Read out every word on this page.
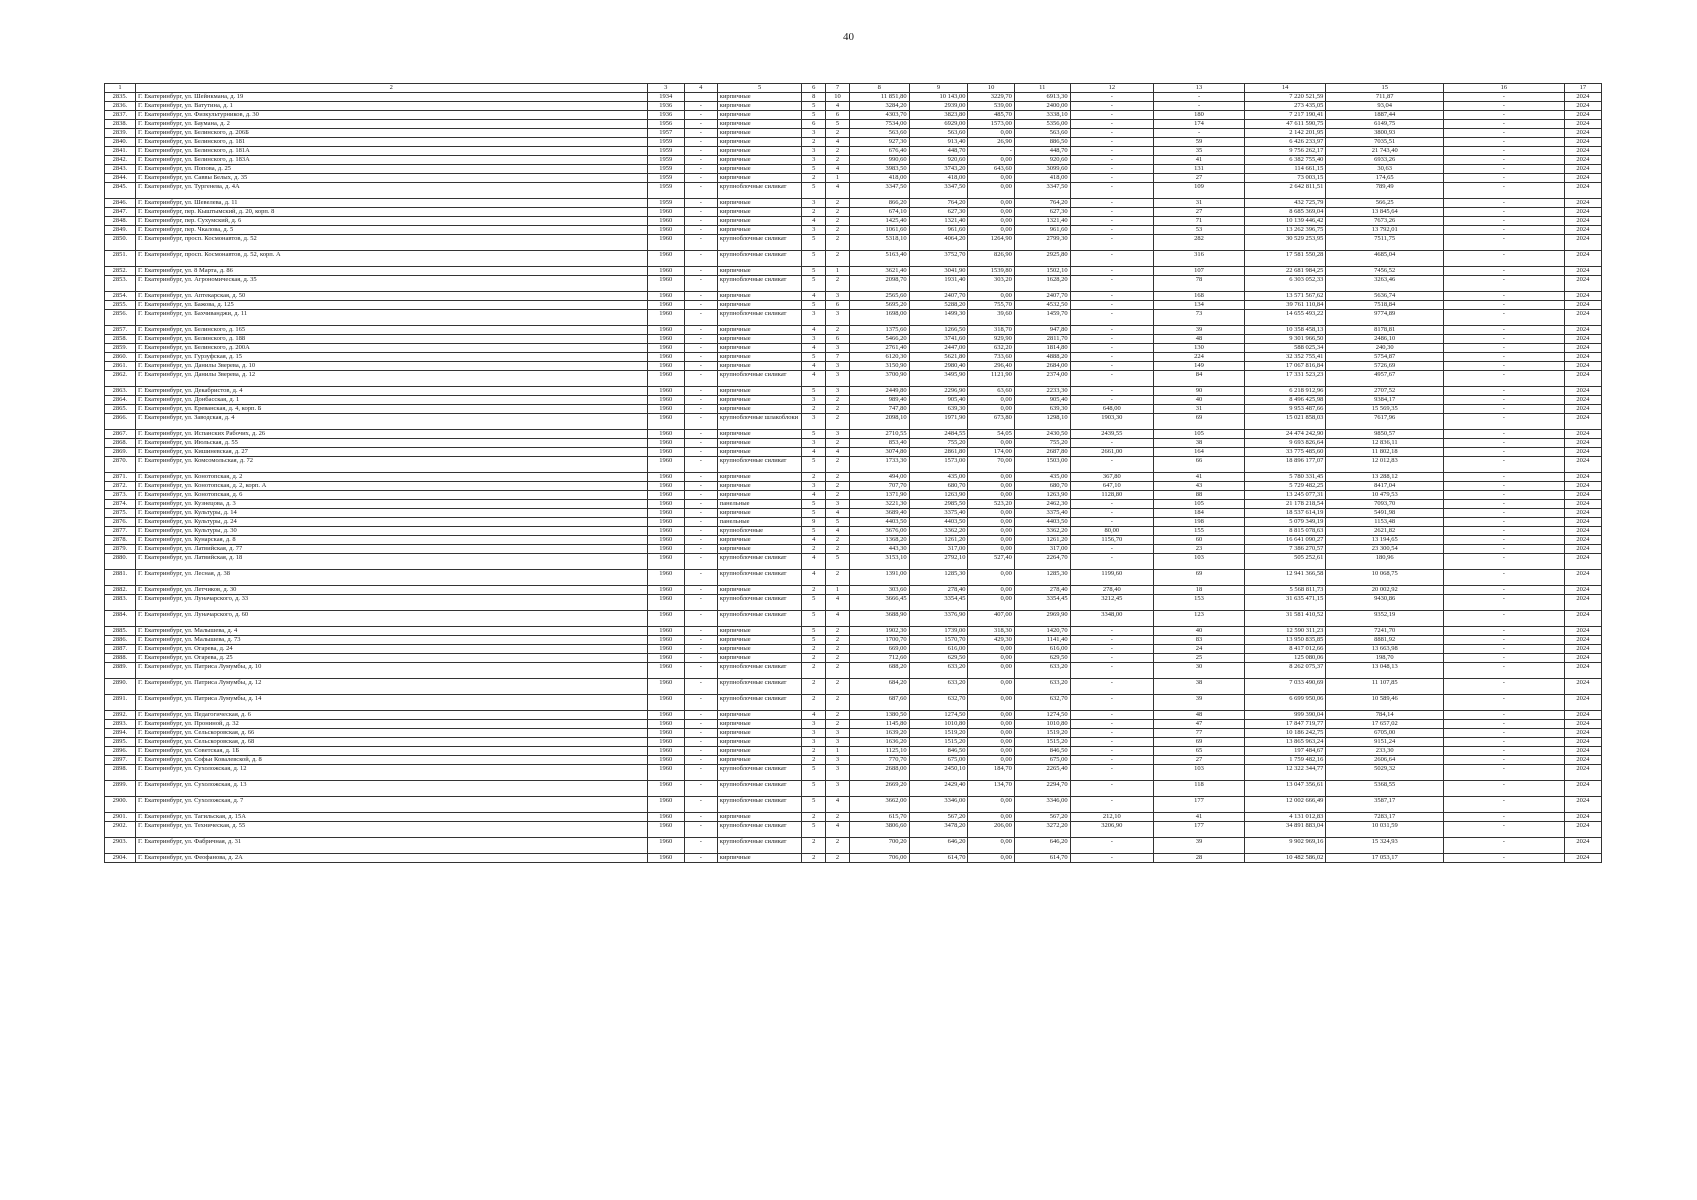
40
1	2	3	4	5	6	7	8	9	10	11	12	13	14	15	16	17
2835.	Г. Екатеринбург, ул. Шейнкмана, д. 19	1934		кирпичные	8	10	11 851,80	10 143,00	3229,70	6913,30	-	-	7 220 521,59	711,87	-	2024
2836.	Г. Екатеринбург, ул. Ватутина, д. 1	1936	-	кирпичные	5	4	3284,20	2939,00	539,00	2400,00	-	-	273 435,05	93,04	-	2024
2837.	Г. Екатеринбург, ул. Физкультурников, д. 30	1936	-	кирпичные	5	6	4303,70	3823,80	485,70	3338,10	-	180	7 217 190,41	1887,44	-	2024
2838.	Г. Екатеринбург, ул. Баумана, д. 2	1956	-	кирпичные	6	5	7534,00	6929,00	1573,00	5356,00	-	174	47 611 590,75	6149,75	-	2024
2839.	Г. Екатеринбург, ул. Белинского, д. 206Б	1957	-	кирпичные	3	2	563,60	563,60	0,00	563,60	-	-	2 142 201,95	3800,93	-	2024
2840.	Г. Екатеринбург, ул. Белинского, д. 181	1959	-	кирпичные	2	4	927,30	913,40	26,90	886,50	-	59	6 426 233,97	7035,51	-	2024
2841.	Г. Екатеринбург, ул. Белинского, д. 181А	1959	-	кирпичные	3	2	676,40	448,70	-	448,70	-	35	9 756 262,17	21 743,40	-	2024
2842.	Г. Екатеринбург, ул. Белинского, д. 183А	1959	-	кирпичные	3	2	990,60	920,60	0,00	920,60	-	41	6 382 755,40	6933,26	-	2024
2843.	Г. Екатеринбург, ул. Попова, д. 25	1959	-	кирпичные	5	4	3983,50	3743,20	643,60	3099,60	-	131	114 661,15	30,63	-	2024
2844.	Г. Екатеринбург, ул. Саввы Белых, д. 35	1959	-	кирпичные	2	1	418,00	418,00	0,00	418,00	-	27	73 003,15	174,65	-	2024
2845.	Г. Екатеринбург, ул. Тургенева, д. 4А	1959	-	крупноблочные силикат	5	4	3347,50	3347,50	0,00	3347,50	-	109	2 642 811,51	789,49	-	2024
2846.	Г. Екатеринбург, ул. Шевелева, д. 11	1959	-	кирпичные	3	2	866,20	764,20	0,00	764,20	-	31	432 725,79	566,25	-	2024
2847.	Г. Екатеринбург, пер. Кыштымский, д. 20, корп. 8	1960	-	кирпичные	2	2	674,10	627,30	0,00	627,30	-	27	8 685 369,04	13 845,64	-	2024
2848.	Г. Екатеринбург, пер. Сухумский, д. 6	1960	-	кирпичные	4	2	1425,40	1321,40	0,00	1321,40	-	71	10 139 446,42	7673,26	-	2024
2849.	Г. Екатеринбург, пер. Чкаловa, д. 5	1960	-	кирпичные	3	2	1061,60	961,60	0,00	961,60	-	53	13 262 396,75	13 792,01	-	2024
2850.	Г. Екатеринбург, просп. Космонавтов, д. 52	1960	-	крупноблочные силикат	5	2	5318,10	4064,20	1264,90	2799,30	-	282	30 529 253,95	7511,75	-	2024
2851.	Г. Екатеринбург, просп. Космонавтов, д. 52, корп. А	1960	-	крупноблочные силикат	5	2	5163,40	3752,70	826,90	2925,80	-	316	17 581 550,28	4685,04	-	2024
2852.	Г. Екатеринбург, ул. 8 Марта, д. 86	1960	-	кирпичные	5	1	3621,40	3041,90	1539,80	1502,10	-	107	22 681 984,25	7456,52	-	2024
2853.	Г. Екатеринбург, ул. Агрономическая, д. 35	1960	-	крупноблочные силикат	5	2	2098,70	1931,40	303,20	1628,20	-	78	6 303 052,33	3263,46	-	2024
2854.	Г. Екатеринбург, ул. Аптекарская, д. 50	1960	-	кирпичные	4	3	2565,60	2407,70	0,00	2407,70	-	168	13 571 567,62	5636,74	-	2024
2855.	Г. Екатеринбург, ул. Бажова, д. 125	1960	-	кирпичные	5	6	5695,20	5288,20	755,70	4532,50	-	134	39 761 110,84	7518,84	-	2024
2856.	Г. Екатеринбург, ул. Бахчиванджи, д. 11	1960	-	крупноблочные силикат	3	3	1698,00	1499,30	39,60	1459,70	-	73	14 655 493,22	9774,89	-	2024
2857.	Г. Екатеринбург, ул. Белинского, д. 165	1960	-	кирпичные	4	2	1375,60	1266,50	318,70	947,80	-	39	10 358 458,13	8178,81	-	2024
2858.	Г. Екатеринбург, ул. Белинского, д. 188	1960	-	кирпичные	3	6	5466,20	3741,60	929,90	2811,70	-	48	9 301 966,50	2486,10	-	2024
2859.	Г. Екатеринбург, ул. Белинского, д. 200А	1960	-	кирпичные	4	3	2761,40	2447,00	632,20	1814,80	-	130	588 025,34	240,30	-	2024
2860.	Г. Екатеринбург, ул. Гурзуфская, д. 15	1960	-	кирпичные	5	7	6120,30	5621,80	733,60	4888,20	-	224	32 352 755,41	5754,87	-	2024
2861.	Г. Екатеринбург, ул. Данилы Зверева, д. 10	1960	-	кирпичные	4	3	3150,90	2980,40	296,40	2684,00	-	149	17 067 816,84	5726,69	-	2024
2862.	Г. Екатеринбург, ул. Данилы Зверева, д. 12	1960	-	крупноблочные силикат	4	3	3700,90	3495,90	1121,90	2374,00	-	84	17 331 523,23	4957,67	-	2024
2863.	Г. Екатеринбург, ул. Декабристов, д. 4	1960	-	кирпичные	5	3	2449,80	2296,90	63,60	2233,30	-	90	6 218 912,96	2707,52	-	2024
2864.	Г. Екатеринбург, ул. Донбасская, д. 1	1960	-	кирпичные	3	2	989,40	905,40	0,00	905,40	-	40	8 496 425,98	9384,17	-	2024
2865.	Г. Екатеринбург, ул. Ереванская, д. 4, корп. Б	1960	-	кирпичные	2	2	747,80	639,30	0,00	639,30	648,00	31	9 953 487,66	15 569,35	-	2024
2866.	Г. Екатеринбург, ул. Заводская, д. 4	1960	-	крупноблочные шлакоблоки	3	2	2098,10	1971,90	673,80	1298,10	1903,30	69	15 021 858,03	7617,96	-	2024
2867.	Г. Екатеринбург, ул. Испанских Рабочих, д. 26	1960	-	кирпичные	5	3	2710,55	2484,55	54,05	2430,50	2439,55	105	24 474 242,90	9850,57	-	2024
2868.	Г. Екатеринбург, ул. Июльская, д. 55	1960	-	кирпичные	3	2	853,40	755,20	0,00	755,20	-	38	9 693 826,64	12 836,11	-	2024
2869.	Г. Екатеринбург, ул. Кишиневская, д. 27	1960	-	кирпичные	4	4	3074,80	2861,80	174,00	2687,80	2661,00	164	33 775 485,60	11 802,18	-	2024
2870.	Г. Екатеринбург, ул. Комсомольская, д. 72	1960	-	крупноблочные силикат	5	2	1733,30	1573,00	70,00	1503,00	-	66	18 896 177,07	12 012,83	-	2024
2871.	Г. Екатеринбург, ул. Конотопская, д. 2	1960	-	кирпичные	2	2	494,00	435,00	0,00	435,00	367,80	41	5 780 331,45	13 288,12	-	2024
2872.	Г. Екатеринбург, ул. Конотопская, д. 2, корп. А	1960	-	кирпичные	3	2	707,70	680,70	0,00	680,70	647,10	43	5 729 482,25	8417,04	-	2024
2873.	Г. Екатеринбург, ул. Конотопская, д. 6	1960	-	кирпичные	4	2	1371,90	1263,90	0,00	1263,90	1128,80	88	13 245 077,31	10 479,53	-	2024
2874.	Г. Екатеринбург, ул. Кузнецова, д. 3	1960	-	панельные	5	3	3221,30	2985,50	523,20	2462,30	-	105	21 178 218,54	7093,70	-	2024
2875.	Г. Екатеринбург, ул. Культуры, д. 14	1960	-	кирпичные	5	4	3689,40	3375,40	0,00	3375,40	-	184	18 537 614,19	5491,98	-	2024
2876.	Г. Екатеринбург, ул. Культуры, д. 24	1960	-	панельные	9	5	4403,50	4403,50	0,00	4403,50	-	198	5 079 349,19	1153,48	-	2024
2877.	Г. Екатеринбург, ул. Культуры, д. 30	1960	-	крупноблочные	5	4	3676,00	3362,20	0,00	3362,20	80,00	155	8 815 078,63	2621,82	-	2024
2878.	Г. Екатеринбург, ул. Кунарская, д. 8	1960	-	кирпичные	4	2	1368,20	1261,20	0,00	1261,20	1156,70	60	16 641 090,27	13 194,65	-	2024
2879.	Г. Екатеринбург, ул. Латвийская, д. 77	1960	-	кирпичные	2	2	443,30	317,00	0,00	317,00	-	23	7 386 270,57	23 300,54	-	2024
2880.	Г. Екатеринбург, ул. Латвийская, д. 18	1960	-	крупноблочные силикат	4	5	3153,10	2792,10	527,40	2264,70	-	103	505 252,61	180,96	-	2024
2881.	Г. Екатеринбург, ул. Лесная, д. 38	1960	-	крупноблочные силикат	4	2	1391,00	1285,30	0,00	1285,30	1199,60	69	12 941 366,58	10 068,75	-	2024
2882.	Г. Екатеринбург, ул. Летчиков, д. 30	1960	-	кирпичные	2	1	303,60	278,40	0,00	278,40	278,40	18	5 568 811,73	20 002,92	-	2024
2883.	Г. Екатеринбург, ул. Луначарского, д. 33	1960	-	крупноблочные силикат	5	4	3666,45	3354,45	0,00	3354,45	3212,45	153	31 635 471,15	9430,86	-	2024
2884.	Г. Екатеринбург, ул. Луначарского, д. 60	1960	-	крупноблочные силикат	5	4	3688,90	3376,90	407,00	2969,90	3348,00	123	31 581 410,52	9352,19	-	2024
2885.	Г. Екатеринбург, ул. Малышева, д. 4	1960	-	кирпичные	5	2	1902,30	1739,00	318,30	1420,70	-	40	12 590 311,23	7241,70	-	2024
2886.	Г. Екатеринбург, ул. Малышева, д. 73	1960	-	кирпичные	5	2	1700,70	1570,70	429,30	1141,40	-	83	13 950 835,85	8881,92	-	2024
2887.	Г. Екатеринбург, ул. Огарева, д. 24	1960	-	кирпичные	2	2	669,00	616,00	0,00	616,00	-	24	8 417 012,66	13 663,98	-	2024
2888.	Г. Екатеринбург, ул. Огарева, д. 25	1960	-	кирпичные	2	2	712,60	629,50	0,00	629,50	-	25	125 080,06	198,70	-	2024
2889.	Г. Екатеринбург, ул. Патриса Лумумбы, д. 10	1960	-	крупноблочные силикат	2	2	688,20	633,20	0,00	633,20	-	30	8 262 075,37	13 048,13	-	2024
2890.	Г. Екатеринбург, ул. Патриса Лумумбы, д. 12	1960	-	крупноблочные силикат	2	2	684,20	633,20	0,00	633,20	-	38	7 033 490,69	11 107,85	-	2024
2891.	Г. Екатеринбург, ул. Патриса Лумумбы, д. 14	1960	-	крупноблочные силикат	2	2	687,60	632,70	0,00	632,70	-	39	6 699 950,06	10 589,46	-	2024
2892.	Г. Екатеринбург, ул. Педагогическая, д. 6	1960	-	кирпичные	4	2	1380,50	1274,50	0,00	1274,50	-	48	999 390,04	784,14	-	2024
2893.	Г. Екатеринбург, ул. Прониной, д. 32	1960	-	кирпичные	3	2	1145,80	1010,80	0,00	1010,80	-	47	17 847 719,77	17 657,02	-	2024
2894.	Г. Екатеринбург, ул. Сельскоровская, д. 66	1960	-	кирпичные	3	3	1639,20	1519,20	0,00	1519,20	-	77	10 186 242,75	6705,00	-	2024
2895.	Г. Екатеринбург, ул. Сельскоровская, д. 68	1960	-	кирпичные	3	3	1636,20	1515,20	0,00	1515,20	-	69	13 865 963,24	9151,24	-	2024
2896.	Г. Екатеринбург, ул. Советская, д. 1Б	1960	-	кирпичные	2	1	1125,10	846,50	0,00	846,50	-	65	197 484,67	233,30	-	2024
2897.	Г. Екатеринбург, ул. Софьи Ковалевской, д. 8	1960	-	кирпичные	2	3	770,70	675,00	0,00	675,00	-	27	1 759 482,16	2606,64	-	2024
2898.	Г. Екатеринбург, ул. Сухоложская, д. 12	1960	-	крупноблочные силикат	5	3	2688,00	2450,10	184,70	2265,40	-	103	12 322 344,77	5029,32	-	2024
2899.	Г. Екатеринбург, ул. Сухоложская, д. 13	1960	-	крупноблочные силикат	5	3	2669,20	2429,40	134,70	2294,70	-	118	13 047 356,61	5368,55	-	2024
2900.	Г. Екатеринбург, ул. Сухоложская, д. 7	1960	-	крупноблочные силикат	5	4	3662,00	3346,00	0,00	3346,00	-	177	12 002 666,49	3587,17	-	2024
2901.	Г. Екатеринбург, ул. Тагильская, д. 15А	1960	-	кирпичные	2	2	615,70	567,20	0,00	567,20	212,10	41	4 131 012,83	7283,17	-	2024
2902.	Г. Екатеринбург, ул. Техническая, д. 55	1960	-	крупноблочные силикат	5	4	3806,60	3478,20	206,00	3272,20	3206,90	177	34 891 883,04	10 031,59	-	2024
2903.	Г. Екатеринбург, ул. Фабричная, д. 31	1960	-	крупноблочные силикат	2	2	700,20	646,20	0,00	646,20	-	39	9 902 969,16	15 324,93	-	2024
2904.	Г. Екатеринбург, ул. Феофанова, д. 2А	1960	-	кирпичные	2	2	706,00	614,70	0,00	614,70	-	28	10 482 586,02	17 053,17	-	2024
